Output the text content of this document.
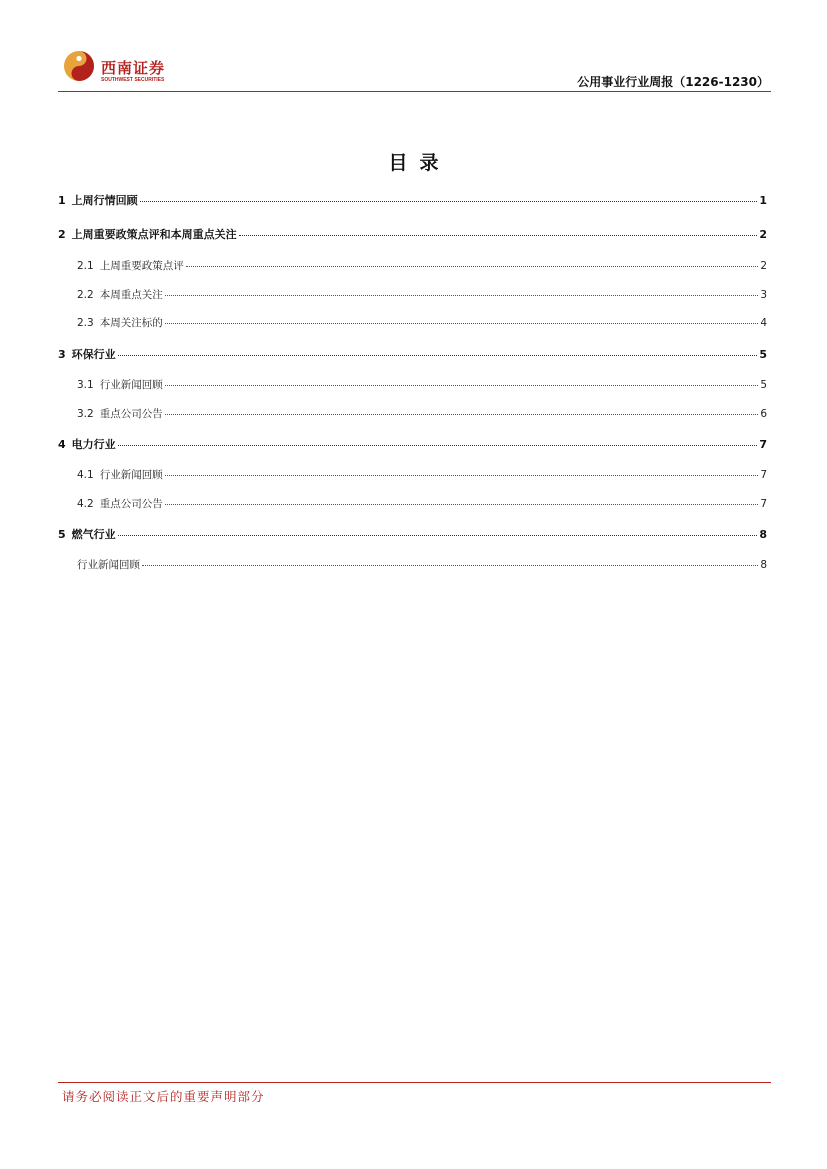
西南证券
SOUTHWEST SECURITIES	公用事业行业周报（1226-1230）
目录
1 上周行情回顾	1
2 上周重要政策点评和本周重点关注	2
2.1 上周重要政策点评	2
2.2 本周重点关注	3
2.3 本周关注标的	4
3 环保行业	5
3.1 行业新闻回顾	5
3.2 重点公司公告	6
4 电力行业	7
4.1 行业新闻回顾	7
4.2 重点公司公告	7
5 燃气行业	8
行业新闻回顾	8
请务必阅读正文后的重要声明部分
